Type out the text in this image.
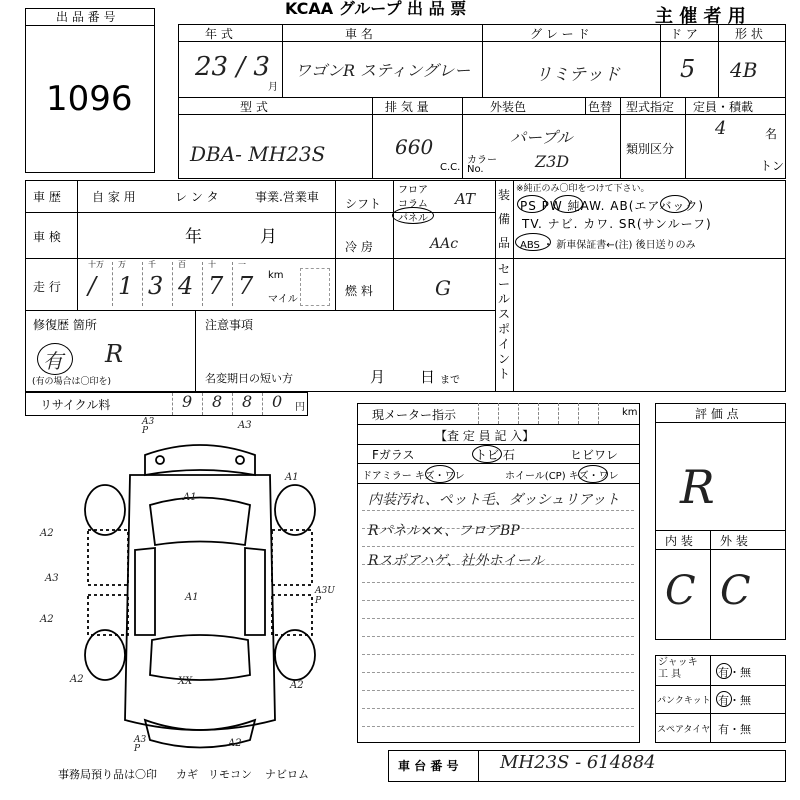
KCAA グループ 出 品 票	主 催 者 用
出 品 番 号
1096
年 式
23 / 3
月
車 名
ワゴンR スティングレー
グ レ ー ド
リミテッド
ド ア
5
形 状
4B
型 式
DBA- MH23S
排 気 量
660
C.C.
外装色	色替
パープル
カラー No.	Z3D
型式指定
類別区分
定員・積載
4	名
トン
車 歴	自 家 用	レ ン タ	事業.営業車
車 検	年	月
走 行
十万
/
万
1
千
3
百
4
十
7
一
7 km
マイル
シフト
フロア
コラム
パネル
AT
冷 房	AAc
燃 料	G
装 備 品
※純正のみ〇印をつけて下さい。
PS PW 純AW. AB(エアバック)
TV. ナビ. カワ. SR(サンルーフ)
ABS ・ 新車保証書←(注) 後日送りのみ
セールスポイント
修復歴 箇所
有 R
(有の場合は〇印を)
注意事項
名変期日の短い方	月 日 まで
リサイクル料	9 8 8 0 円
A3 P	A3
A1
A1
A2
A3
A2
A1
A3U P
A2	XX	A2
A3 P	A2
事務局預り品は〇印 カギ リモコン ナビロム
現メーター指示	km
【査 定 員 記 入】
Fガラス	トビ 石	ヒビワレ
ドアミラー キズ・ワレ	ホイール(CP) キズ・ワレ
内装汚れ、ペット毛、ダッシュリアット
Rパネル××、フロアBP
Rスポアハゲ、社外ホイール
評 価 点
R
内 装 外 装
C C
ジャッキ 工 具	有・無
パンクキット 有・無
スペアタイヤ 有・無
車 台 番 号 MH23S - 614884
